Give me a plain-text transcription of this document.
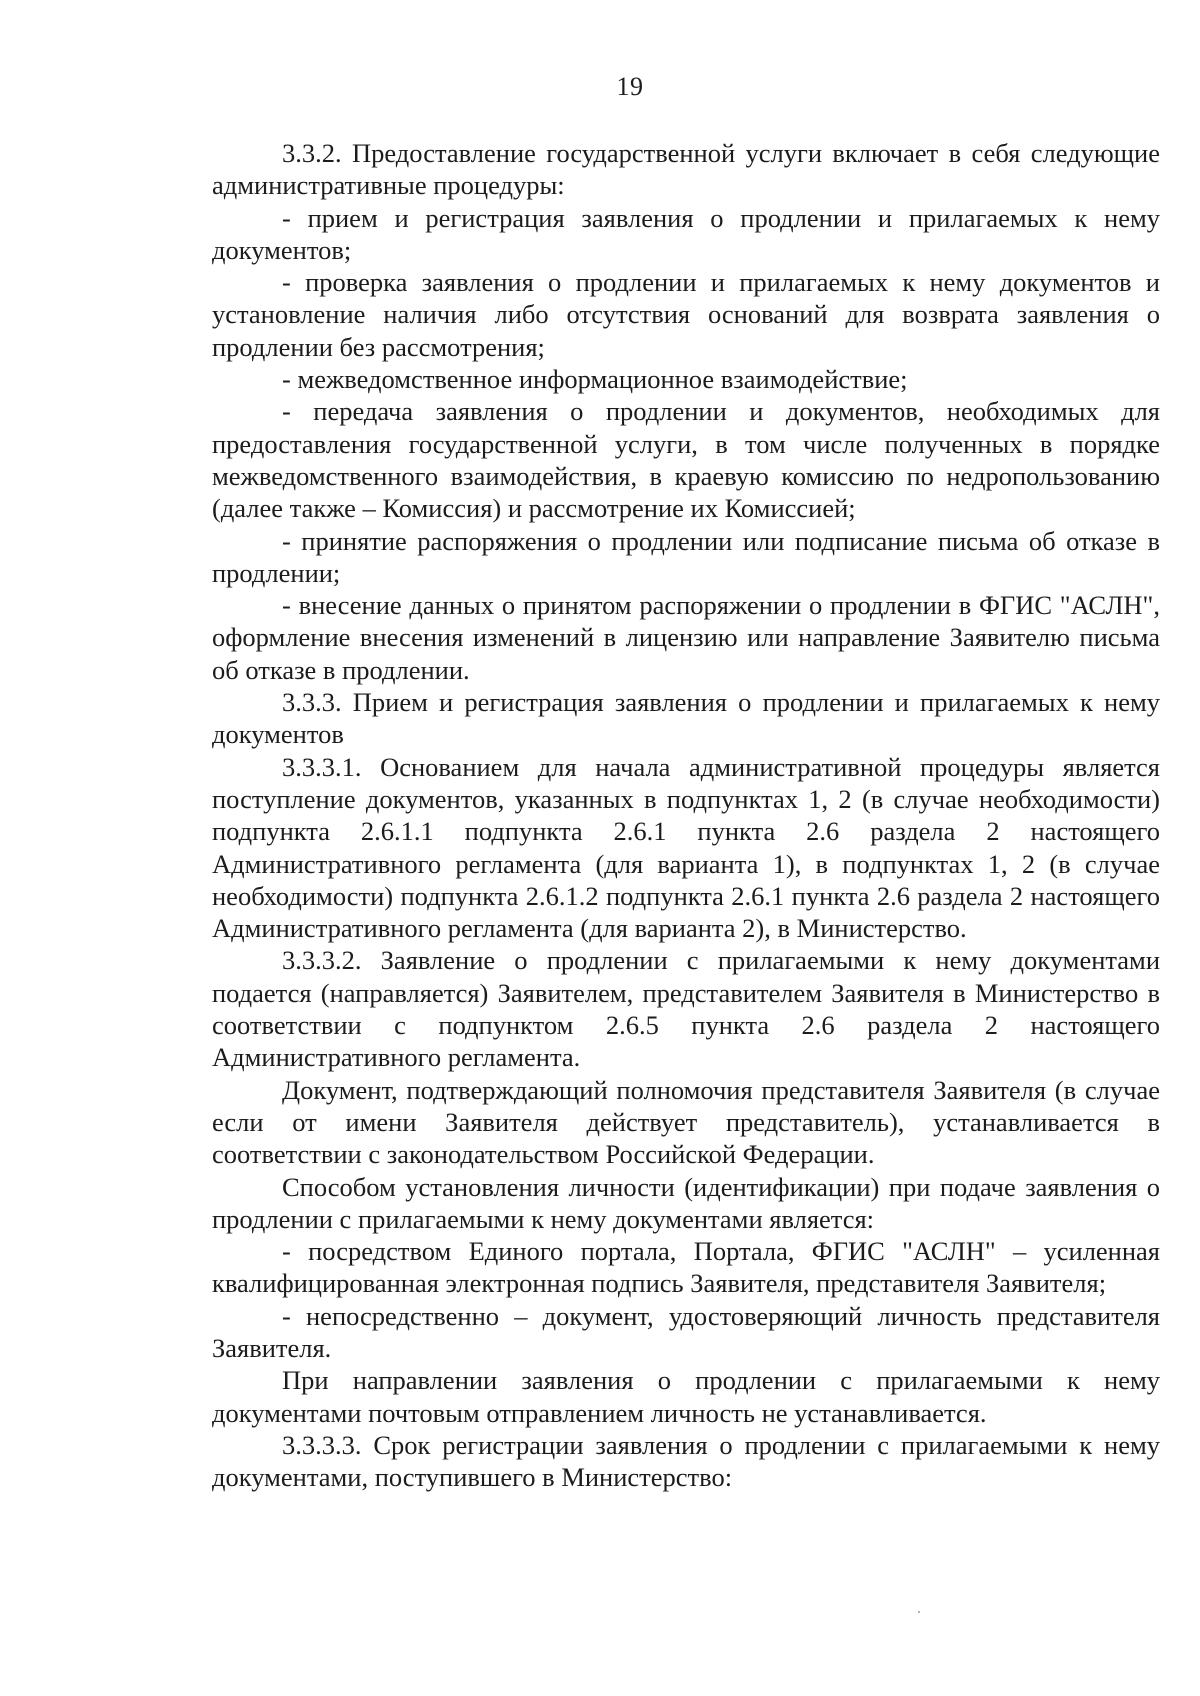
19

3.3.2. Предоставление государственной услуги включает в себя следующие административные процедуры:

- прием и регистрация заявления о продлении и прилагаемых к нему документов;

- проверка заявления о продлении и прилагаемых к нему документов и установление наличия либо отсутствия оснований для возврата заявления о продлении без рассмотрения;

- межведомственное информационное взаимодействие;

- передача заявления о продлении и документов, необходимых для предоставления государственной услуги, в том числе полученных в порядке межведомственного взаимодействия, в краевую комиссию по недропользованию (далее также – Комиссия) и рассмотрение их Комиссией;

- принятие распоряжения о продлении или подписание письма об отказе в продлении;

- внесение данных о принятом распоряжении о продлении в ФГИС "АСЛН", оформление внесения изменений в лицензию или направление Заявителю письма об отказе в продлении.

3.3.3. Прием и регистрация заявления о продлении и прилагаемых к нему документов

3.3.3.1. Основанием для начала административной процедуры является поступление документов, указанных в подпунктах 1, 2 (в случае необходимости) подпункта 2.6.1.1 подпункта 2.6.1 пункта 2.6 раздела 2 настоящего Административного регламента (для варианта 1), в подпунктах 1, 2 (в случае необходимости) подпункта 2.6.1.2 подпункта 2.6.1 пункта 2.6 раздела 2 настоящего Административного регламента (для варианта 2), в Министерство.

3.3.3.2. Заявление о продлении с прилагаемыми к нему документами подается (направляется) Заявителем, представителем Заявителя в Министерство в соответствии с подпунктом 2.6.5 пункта 2.6 раздела 2 настоящего Административного регламента.

Документ, подтверждающий полномочия представителя Заявителя (в случае если от имени Заявителя действует представитель), устанавливается в соответствии с законодательством Российской Федерации.

Способом установления личности (идентификации) при подаче заявления о продлении с прилагаемыми к нему документами является:

- посредством Единого портала, Портала, ФГИС "АСЛН" – усиленная квалифицированная электронная подпись Заявителя, представителя Заявителя;

- непосредственно – документ, удостоверяющий личность представителя Заявителя.

При направлении заявления о продлении с прилагаемыми к нему документами почтовым отправлением личность не устанавливается.

3.3.3.3. Срок регистрации заявления о продлении с прилагаемыми к нему документами, поступившего в Министерство:
